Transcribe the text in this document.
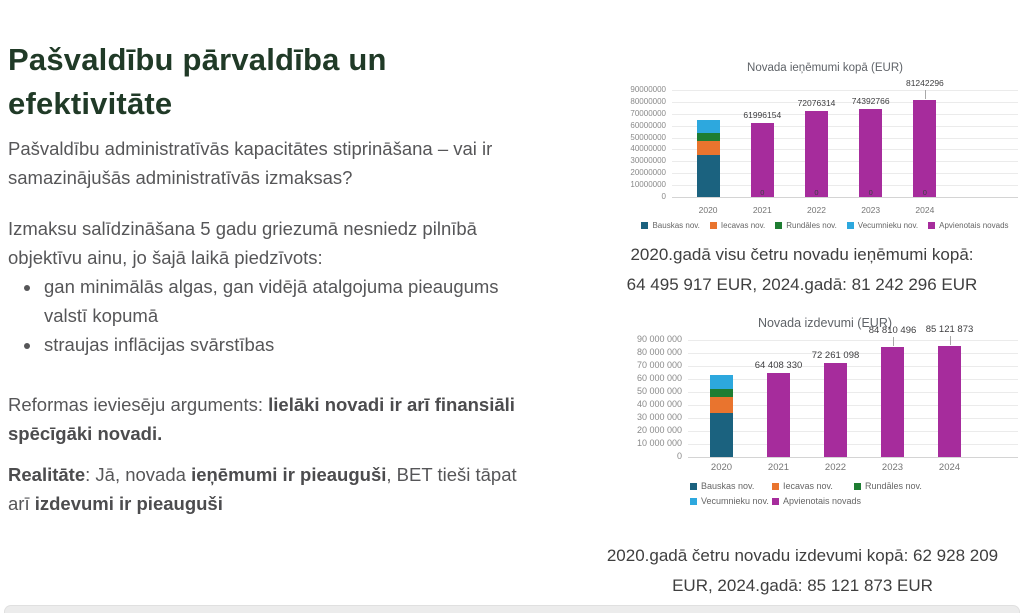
Pašvaldību pārvaldība un efektivitāte

Pašvaldību administratīvās kapacitātes stiprināšana – vai ir samazinājušās administratīvās izmaksas?

Izmaksu salīdzināšana 5 gadu griezumā nesniedz pilnībā objektīvu ainu, jo šajā laikā piedzīvots:
• gan minimālās algas, gan vidējā atalgojuma pieaugums valstī kopumā
• straujas inflācijas svārstības

Reformas ieviesēju arguments: lielāki novadi ir arī finansiāli spēcīgāki novadi.

Realitāte: Jā, novada ieņēmumi ir pieauguši, BET tieši tāpat arī izdevumi ir pieauguši

Novada ieņēmumi kopā (EUR)
0
10000000
20000000
30000000
40000000
50000000
60000000
70000000
80000000
90000000
2020
61996154
0
2021
72076314
0
2022
74392766
0
2023
81242296
0
2024
Bauskas nov.	Iecavas nov.	Rundāles nov.	Vecumnieku nov.	Apvienotais novads
2020.gadā visu četru novadu ieņēmumi kopā:
64 495 917 EUR, 2024.gadā: 81 242 296 EUR
Novada izdevumi (EUR)
0
10 000 000
20 000 000
30 000 000
40 000 000
50 000 000
60 000 000
70 000 000
80 000 000
90 000 000
2020
64 408 330
2021
72 261 098
2022
84 810 496
2023
85 121 873
2024
Bauskas nov.	Iecavas nov.	Rundāles nov.
Vecumnieku nov. Apvienotais novads
2020.gadā četru novadu izdevumi kopā: 62 928 209
EUR, 2024.gadā: 85 121 873 EUR
